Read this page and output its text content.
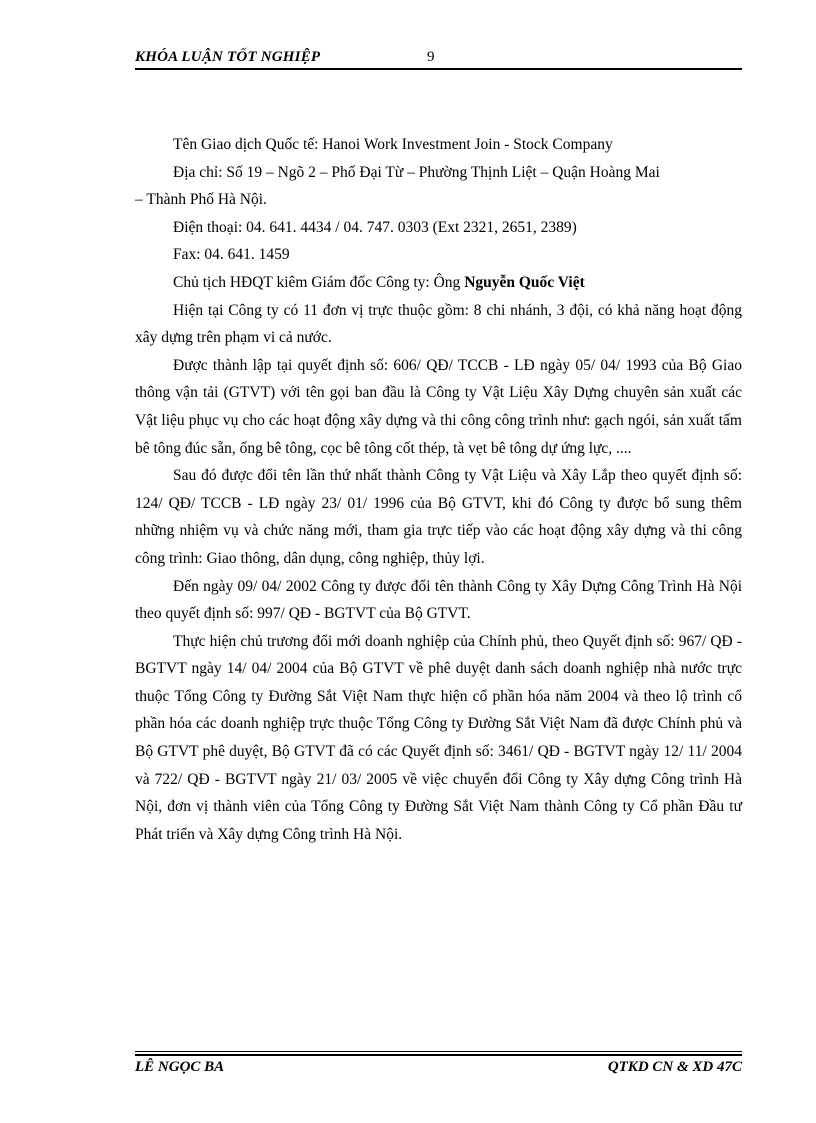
KHÓA LUẬN TỐT NGHIỆP	9

Tên Giao dịch Quốc tế: Hanoi Work Investment Join - Stock Company

Địa chỉ: Số 19 – Ngõ 2 – Phố Đại Từ – Phường Thịnh Liệt – Quận Hoàng Mai

– Thành Phố Hà Nội.

Điện thoại: 04. 641. 4434 / 04. 747. 0303 (Ext 2321, 2651, 2389)

Fax: 04. 641. 1459

Chủ tịch HĐQT kiêm Giám đốc Công ty: Ông Nguyễn Quốc Việt

Hiện tại Công ty có 11 đơn vị trực thuộc gồm: 8 chi nhánh, 3 đội, có khả năng hoạt động xây dựng trên phạm vi cả nước.

Được thành lập tại quyết định số: 606/ QĐ/ TCCB - LĐ ngày 05/ 04/ 1993 của Bộ Giao thông vận tải (GTVT) với tên gọi ban đầu là Công ty Vật Liệu Xây Dựng chuyên sản xuất các Vật liệu phục vụ cho các hoạt động xây dựng và thi công công trình như: gạch ngói, sản xuất tấm bê tông đúc sẵn, ống bê tông, cọc bê tông cốt thép, tà vẹt bê tông dự ứng lực, ....

Sau đó được đổi tên lần thứ nhất thành Công ty Vật Liệu và Xây Lắp theo quyết định số: 124/ QĐ/ TCCB - LĐ ngày 23/ 01/ 1996 của Bộ GTVT, khi đó Công ty được bổ sung thêm những nhiệm vụ và chức năng mới, tham gia trực tiếp vào các hoạt động xây dựng và thi công công trình: Giao thông, dân dụng, công nghiệp, thủy lợi.

Đến ngày 09/ 04/ 2002 Công ty được đổi tên thành Công ty Xây Dựng Công Trình Hà Nội theo quyết định số: 997/ QĐ - BGTVT của Bộ GTVT.

Thực hiện chủ trương đổi mới doanh nghiệp của Chính phủ, theo Quyết định số: 967/ QĐ - BGTVT ngày 14/ 04/ 2004 của Bộ GTVT về phê duyệt danh sách doanh nghiệp nhà nước trực thuộc Tổng Công ty Đường Sắt Việt Nam thực hiện cổ phần hóa năm 2004 và theo lộ trình cổ phần hóa các doanh nghiệp trực thuộc Tổng Công ty Đường Sắt Việt Nam đã được Chính phủ và Bộ GTVT phê duyệt, Bộ GTVT đã có các Quyết định số: 3461/ QĐ - BGTVT ngày 12/ 11/ 2004 và 722/ QĐ - BGTVT ngày 21/ 03/ 2005 về việc chuyển đổi Công ty Xây dựng Công trình Hà Nội, đơn vị thành viên của Tổng Công ty Đường Sắt Việt Nam thành Công ty Cổ phần Đầu tư Phát triển và Xây dựng Công trình Hà Nội.

LÊ NGỌC BA	QTKD CN & XD 47C
